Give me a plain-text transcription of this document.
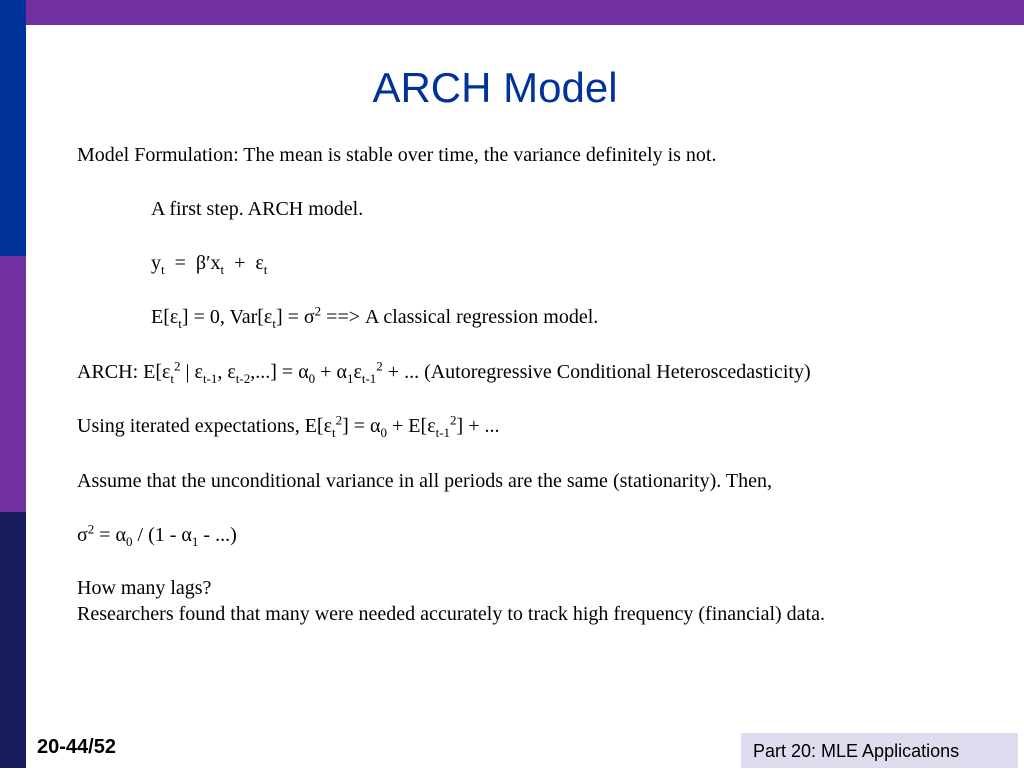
ARCH Model
Model Formulation: The mean is stable over time, the variance definitely is not.
A first step. ARCH model.
$y_t = \beta'x_t + \varepsilon_t$
$E[\varepsilon_t] = 0$, $Var[\varepsilon_t] = \sigma^2$ ==> A classical regression model.
ARCH: $E[\varepsilon_t^2$ | $\varepsilon_{t-1}$, $\varepsilon_{t-2},...] = \alpha_0 + \alpha_1\varepsilon_{t-1}^2$ + ... (Autoregressive Conditional Heteroscedasticity)
Using iterated expectations, $E[\varepsilon_t^2] = \alpha_0 + E[\varepsilon_{t-1}^2]$ + ...
Assume that the unconditional variance in all periods are the same (stationarity). Then,
$\sigma^2 = \alpha_0 / (1 - \alpha_1$ - ...)
How many lags?
Researchers found that many were needed accurately to track high frequency (financial) data.
20-44/52	Part 20: MLE Applications
